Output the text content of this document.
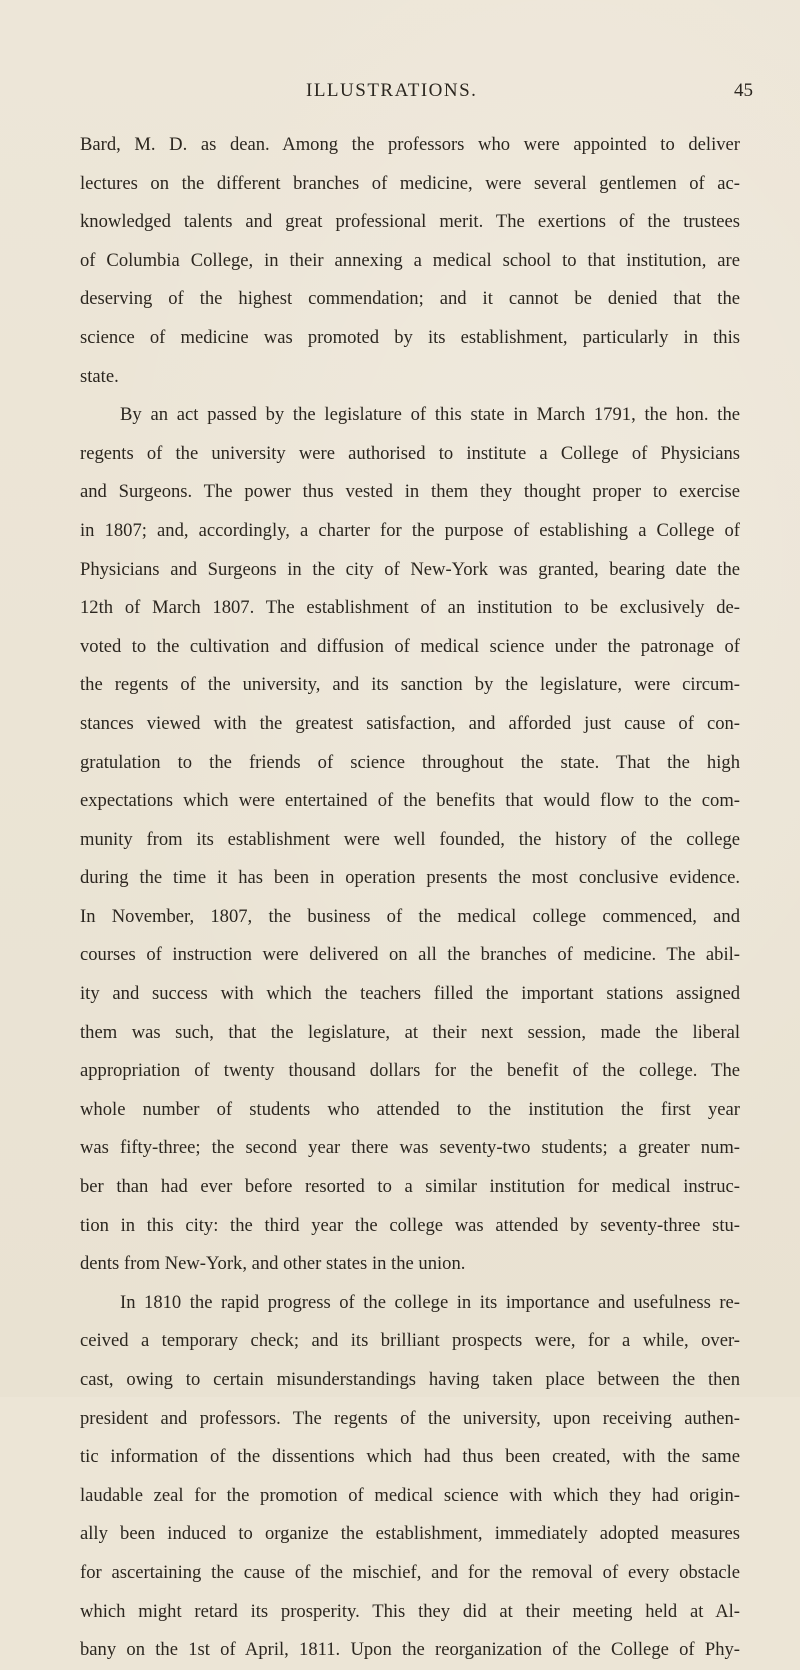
ILLUSTRATIONS.	45
Bard, M. D. as dean. Among the professors who were appointed to deliver
lectures on the different branches of medicine, were several gentlemen of ac-
knowledged talents and great professional merit. The exertions of the trustees
of Columbia College, in their annexing a medical school to that institution, are
deserving of the highest commendation; and it cannot be denied that the
science of medicine was promoted by its establishment, particularly in this
state.
By an act passed by the legislature of this state in March 1791, the hon. the
regents of the university were authorised to institute a College of Physicians
and Surgeons. The power thus vested in them they thought proper to exercise
in 1807; and, accordingly, a charter for the purpose of establishing a College of
Physicians and Surgeons in the city of New-York was granted, bearing date the
12th of March 1807. The establishment of an institution to be exclusively de-
voted to the cultivation and diffusion of medical science under the patronage of
the regents of the university, and its sanction by the legislature, were circum-
stances viewed with the greatest satisfaction, and afforded just cause of con-
gratulation to the friends of science throughout the state. That the high
expectations which were entertained of the benefits that would flow to the com-
munity from its establishment were well founded, the history of the college
during the time it has been in operation presents the most conclusive evidence.
In November, 1807, the business of the medical college commenced, and
courses of instruction were delivered on all the branches of medicine. The abil-
ity and success with which the teachers filled the important stations assigned
them was such, that the legislature, at their next session, made the liberal
appropriation of twenty thousand dollars for the benefit of the college. The
whole number of students who attended to the institution the first year
was fifty-three; the second year there was seventy-two students; a greater num-
ber than had ever before resorted to a similar institution for medical instruc-
tion in this city: the third year the college was attended by seventy-three stu-
dents from New-York, and other states in the union.
In 1810 the rapid progress of the college in its importance and usefulness re-
ceived a temporary check; and its brilliant prospects were, for a while, over-
cast, owing to certain misunderstandings having taken place between the then
president and professors. The regents of the university, upon receiving authen-
tic information of the dissentions which had thus been created, with the same
laudable zeal for the promotion of medical science with which they had origin-
ally been induced to organize the establishment, immediately adopted measures
for ascertaining the cause of the mischief, and for the removal of every obstacle
which might retard its prosperity. This they did at their meeting held at Al-
bany on the 1st of April, 1811. Upon the reorganization of the College of Phy-
